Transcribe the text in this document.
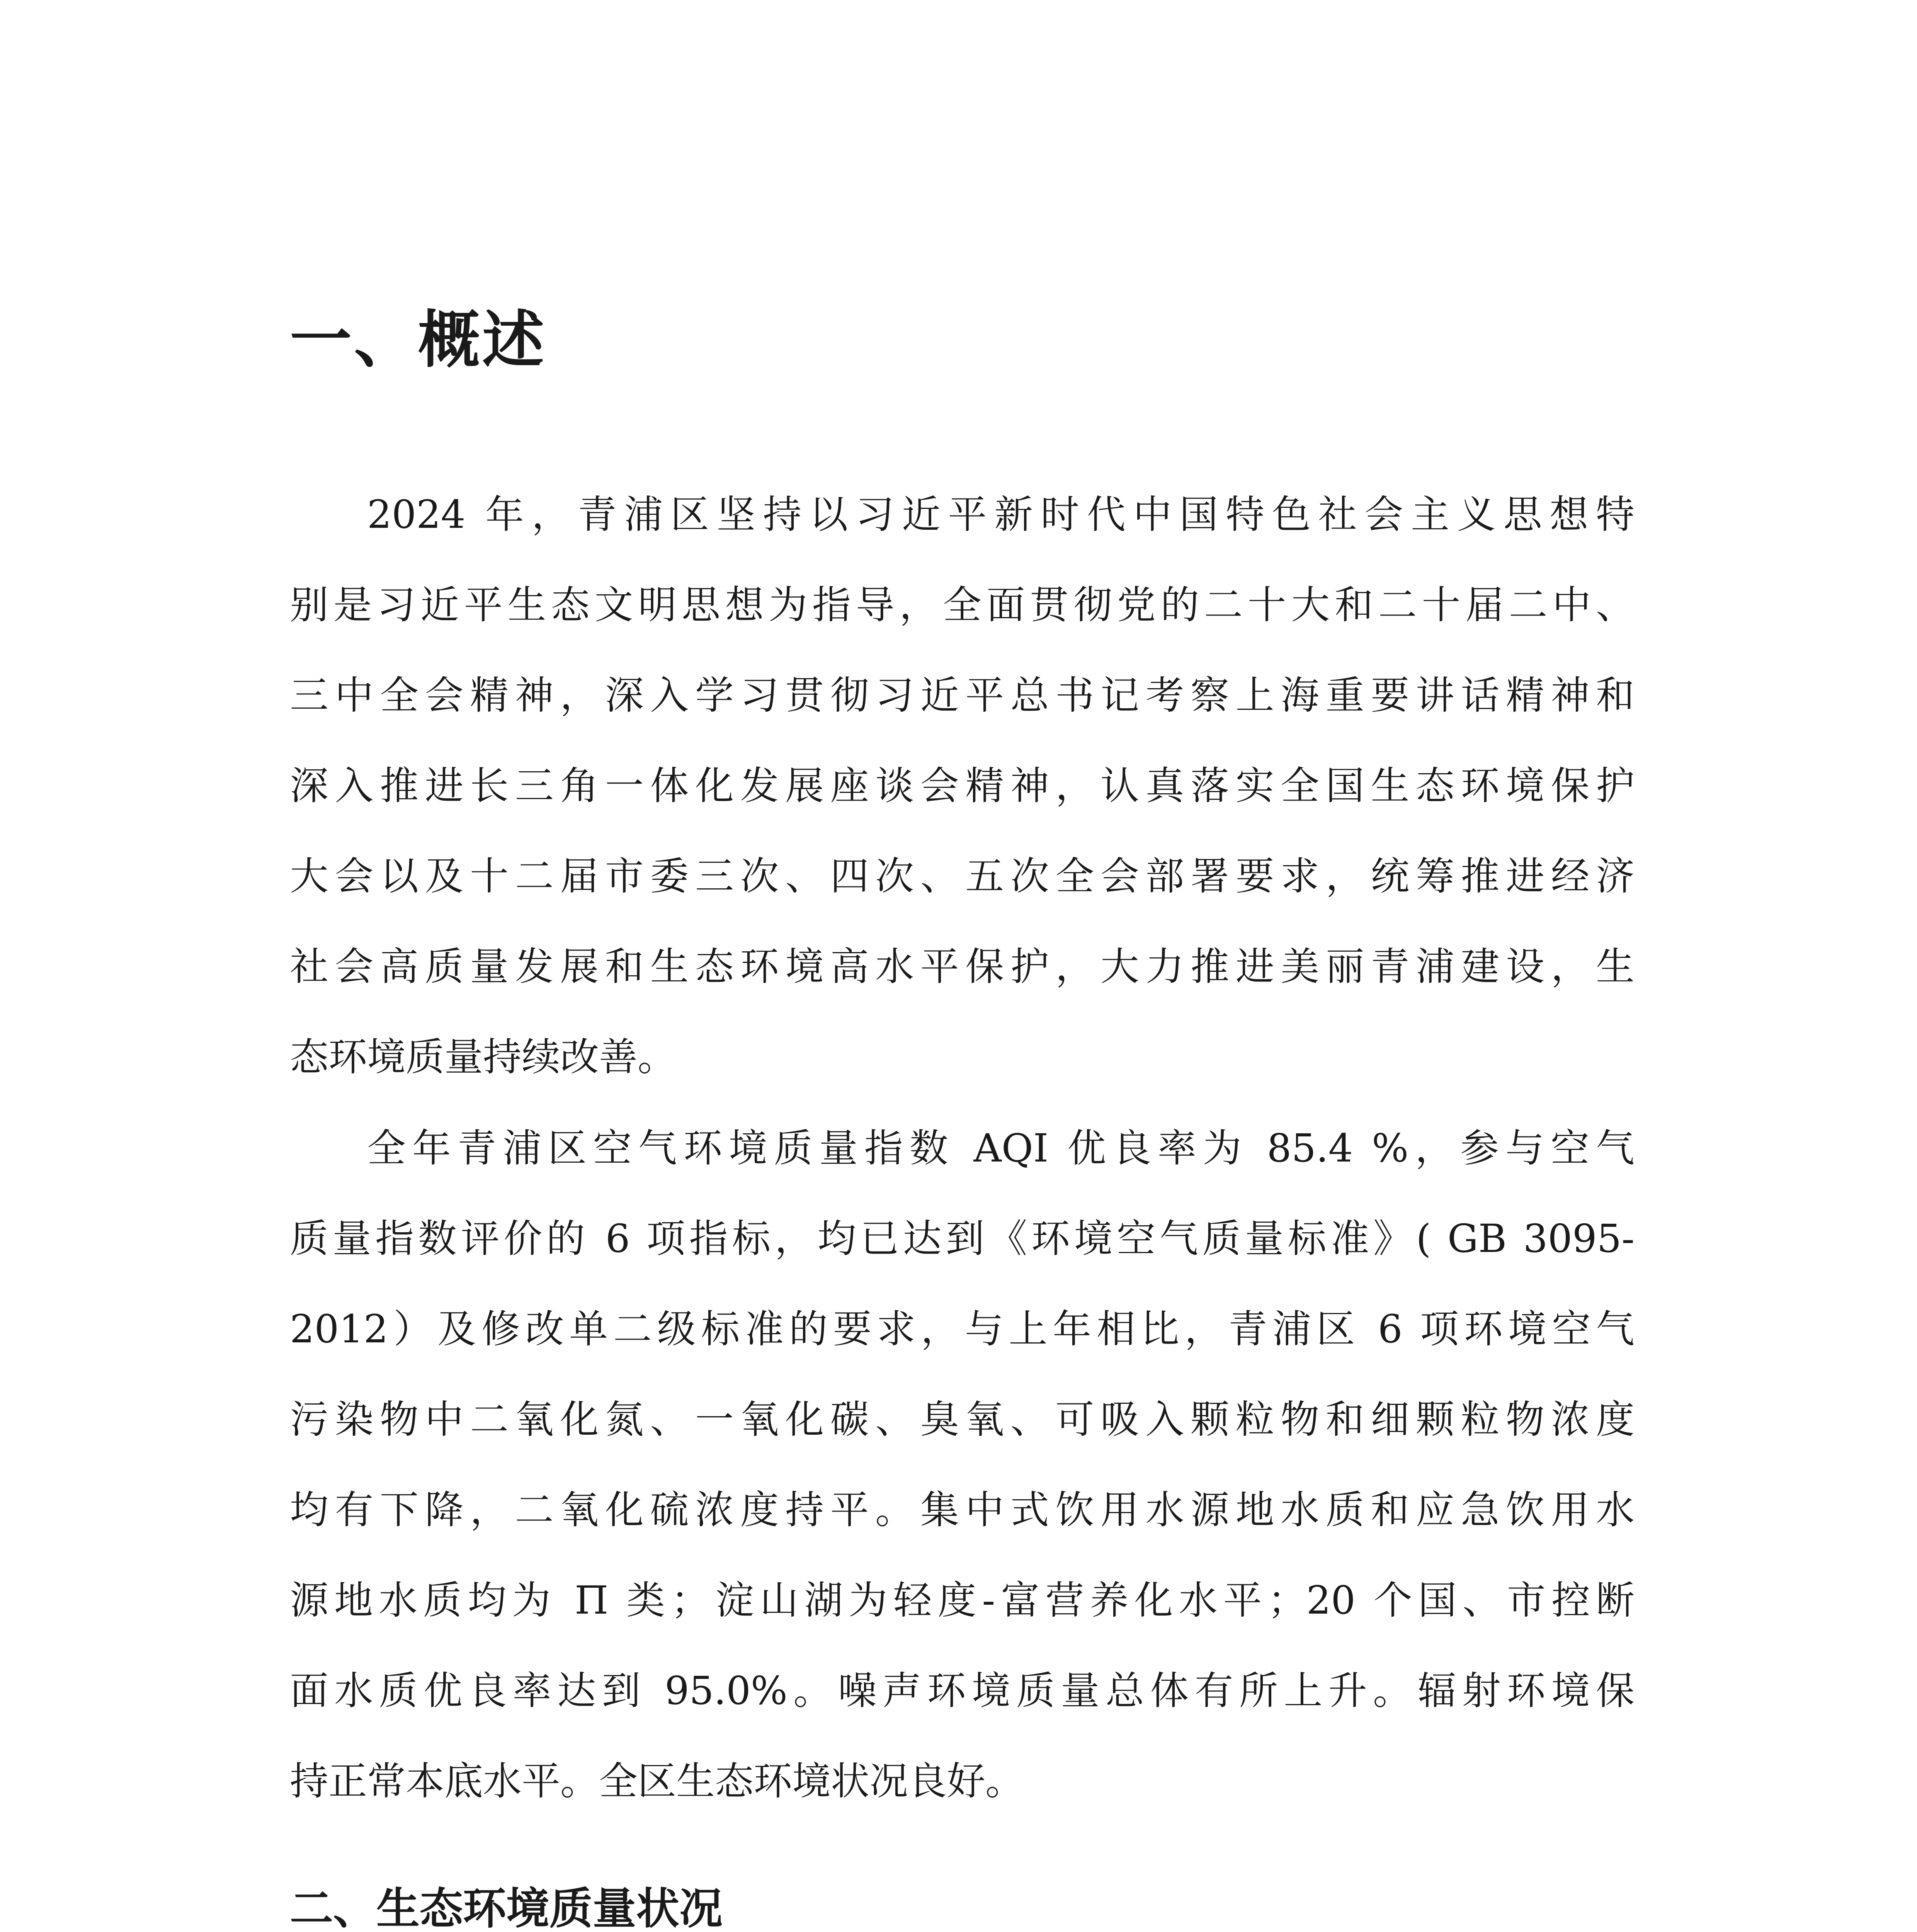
一、概述
2024 年，青浦区坚持以习近平新时代中国特色社会主义思想特
别是习近平生态文明思想为指导，全面贯彻党的二十大和二十届二中、
三中全会精神，深入学习贯彻习近平总书记考察上海重要讲话精神和
深入推进长三角一体化发展座谈会精神，认真落实全国生态环境保护
大会以及十二届市委三次、四次、五次全会部署要求，统筹推进经济
社会高质量发展和生态环境高水平保护，大力推进美丽青浦建设，生
态环境质量持续改善。
全年青浦区空气环境质量指数 AQI 优良率为 85.4 %，参与空气
质量指数评价的 6 项指标，均已达到《环境空气质量标准》( GB 3095-
2012）及修改单二级标准的要求，与上年相比，青浦区 6 项环境空气
污染物中二氧化氮、一氧化碳、臭氧、可吸入颗粒物和细颗粒物浓度
均有下降，二氧化硫浓度持平。集中式饮用水源地水质和应急饮用水
源地水质均为 Π 类；淀山湖为轻度-富营养化水平；20 个国、市控断
面水质优良率达到 95.0%。噪声环境质量总体有所上升。辐射环境保
持正常本底水平。全区生态环境状况良好。
二、生态环境质量状况
